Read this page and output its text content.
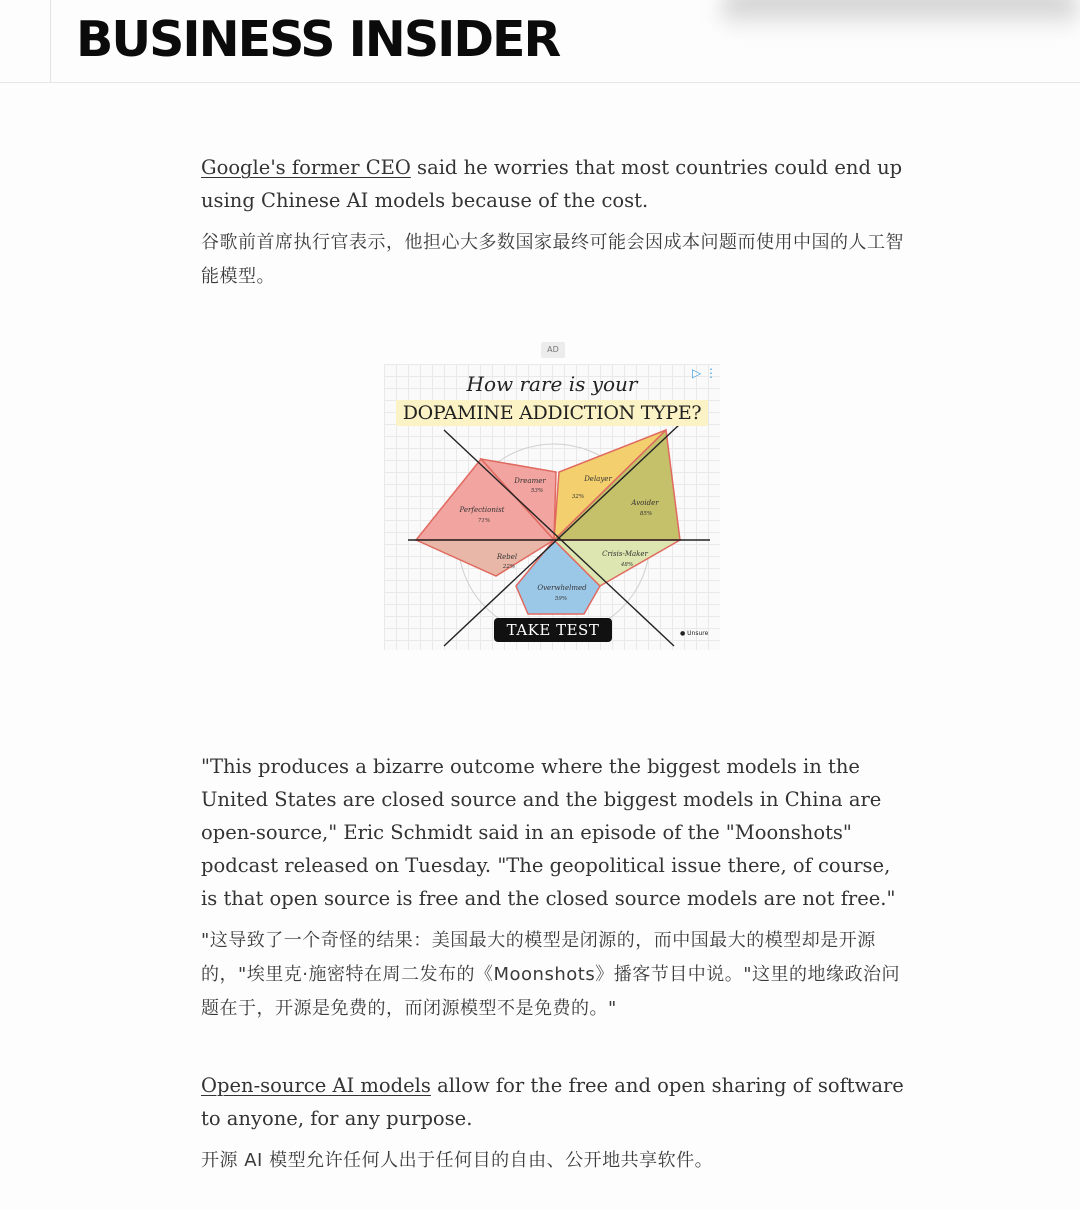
BUSINESS INSIDER

Google's former CEO said he worries that most countries could end up using Chinese AI models because of the cost.

谷歌前首席执行官表示，他担心大多数国家最终可能会因成本问题而使用中国的人工智能模型。

AD
Dreamer
53%
Perfectionist
71%
Rebel
22%
Overwhelmed
59%
Crisis-Maker
48%
Avoider
85%
Delayer
32%
How rare is your
DOPAMINE ADDICTION TYPE?
▷ ⋮
TAKE TEST	● Unsure

"This produces a bizarre outcome where the biggest models in the United States are closed source and the biggest models in China are open-source," Eric Schmidt said in an episode of the "Moonshots" podcast released on Tuesday. "The geopolitical issue there, of course, is that open source is free and the closed source models are not free."

"这导致了一个奇怪的结果：美国最大的模型是闭源的，而中国最大的模型却是开源的，"埃里克·施密特在周二发布的《Moonshots》播客节目中说。"这里的地缘政治问题在于，开源是免费的，而闭源模型不是免费的。"

Open-source AI models allow for the free and open sharing of software to anyone, for any purpose.

开源 AI 模型允许任何人出于任何目的自由、公开地共享软件。
